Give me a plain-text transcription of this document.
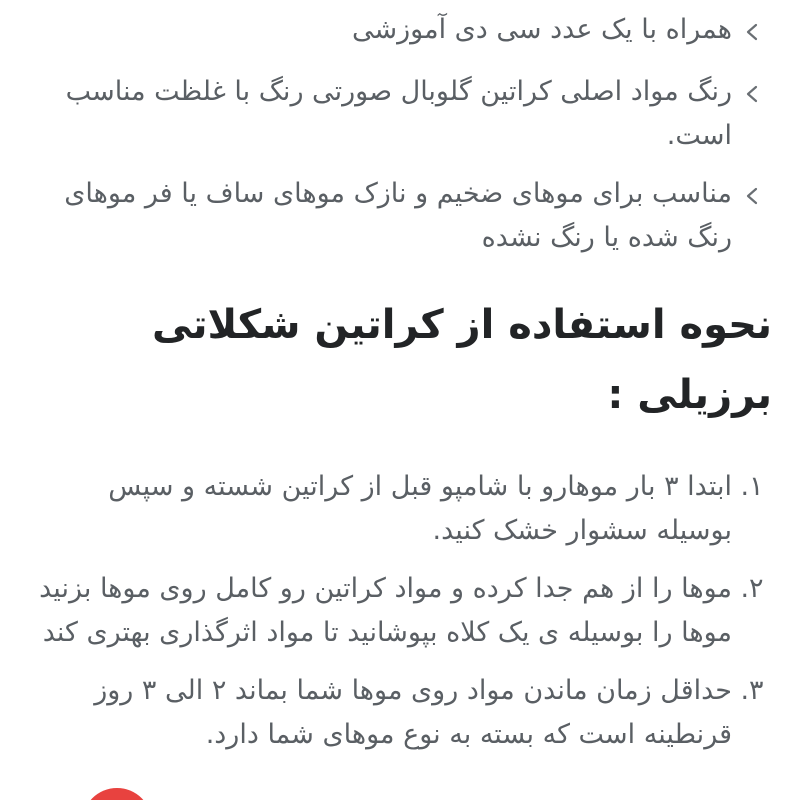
همراه با یک عدد سی دی آموزشی
رنگ مواد اصلی کراتین گلوبال صورتی رنگ با غلظت مناسب است.
مناسب برای موهای ضخیم و نازک موهای ساف یا فر موهای رنگ شده یا رنگ نشده
نحوه استفاده از کراتین شکلاتی برزیلی :
۱.
ابتدا ۳ بار موهارو با شامپو قبل از کراتین شسته و سپس بوسیله سشوار خشک کنید.
۲.
موها را از هم جدا کرده و مواد کراتین رو کامل روی موها بزنید موها را بوسیله ی یک کلاه بپوشانید تا مواد اثرگذاری بهتری کند
۳.
حداقل زمان ماندن مواد روی موها شما بماند ۲ الی ۳ روز قرنطینه است که بسته به نوع موهای شما دارد.
